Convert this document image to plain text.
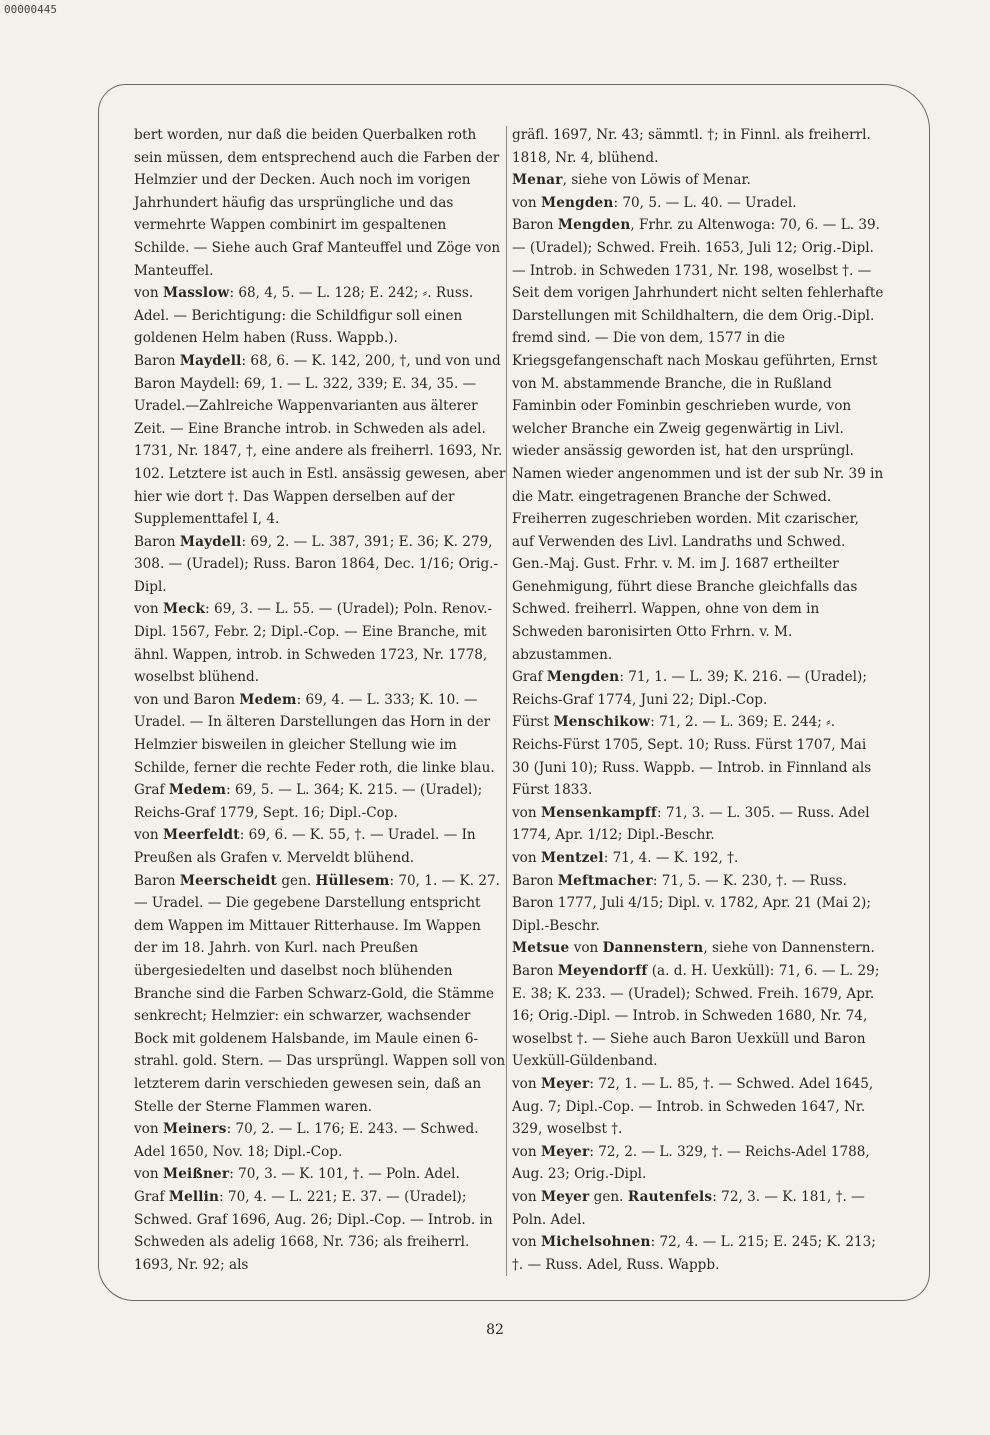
00000445

bert worden, nur daß die beiden Querbalken roth sein müssen, dem entsprechend auch die Farben der Helmzier und der Decken. Auch noch im vorigen Jahrhundert häufig das ursprüngliche und das vermehrte Wappen combinirt im gespaltenen Schilde. — Siehe auch Graf Manteuffel und Zöge von Manteuffel.

von Masslow: 68, 4, 5. — L. 128; E. 242; ⸗. Russ. Adel. — Berichtigung: die Schildfigur soll einen goldenen Helm haben (Russ. Wappb.).

Baron Maydell: 68, 6. — K. 142, 200, †, und von und Baron Maydell: 69, 1. — L. 322, 339; E. 34, 35. — Uradel.—Zahlreiche Wappenvarianten aus älterer Zeit. — Eine Branche introb. in Schweden als adel. 1731, Nr. 1847, †, eine andere als freiherrl. 1693, Nr. 102. Letztere ist auch in Estl. ansässig gewesen, aber hier wie dort †. Das Wappen derselben auf der Supplementtafel I, 4.

Baron Maydell: 69, 2. — L. 387, 391; E. 36; K. 279, 308. — (Uradel); Russ. Baron 1864, Dec. 1/16; Orig.-Dipl.

von Meck: 69, 3. — L. 55. — (Uradel); Poln. Renov.-Dipl. 1567, Febr. 2; Dipl.-Cop. — Eine Branche, mit ähnl. Wappen, introb. in Schweden 1723, Nr. 1778, woselbst blühend.

von und Baron Medem: 69, 4. — L. 333; K. 10. — Uradel. — In älteren Darstellungen das Horn in der Helmzier bisweilen in gleicher Stellung wie im Schilde, ferner die rechte Feder roth, die linke blau.

Graf Medem: 69, 5. — L. 364; K. 215. — (Uradel); Reichs-Graf 1779, Sept. 16; Dipl.-Cop.

von Meerfeldt: 69, 6. — K. 55, †. — Uradel. — In Preußen als Grafen v. Merveldt blühend.

Baron Meerscheidt gen. Hüllesem: 70, 1. — K. 27. — Uradel. — Die gegebene Darstellung entspricht dem Wappen im Mittauer Ritterhause. Im Wappen der im 18. Jahrh. von Kurl. nach Preußen übergesiedelten und daselbst noch blühenden Branche sind die Farben Schwarz-Gold, die Stämme senkrecht; Helmzier: ein schwarzer, wachsender Bock mit goldenem Halsbande, im Maule einen 6-strahl. gold. Stern. — Das ursprüngl. Wappen soll von letzterem darin verschieden gewesen sein, daß an Stelle der Sterne Flammen waren.

von Meiners: 70, 2. — L. 176; E. 243. — Schwed. Adel 1650, Nov. 18; Dipl.-Cop.

von Meißner: 70, 3. — K. 101, †. — Poln. Adel.

Graf Mellin: 70, 4. — L. 221; E. 37. — (Uradel); Schwed. Graf 1696, Aug. 26; Dipl.-Cop. — Introb. in Schweden als adelig 1668, Nr. 736; als freiherrl. 1693, Nr. 92; als

gräfl. 1697, Nr. 43; sämmtl. †; in Finnl. als freiherrl. 1818, Nr. 4, blühend.

Menar, siehe von Löwis of Menar.

von Mengden: 70, 5. — L. 40. — Uradel.

Baron Mengden, Frhr. zu Altenwoga: 70, 6. — L. 39. — (Uradel); Schwed. Freih. 1653, Juli 12; Orig.-Dipl. — Introb. in Schweden 1731, Nr. 198, woselbst †. — Seit dem vorigen Jahrhundert nicht selten fehlerhafte Darstellungen mit Schildhaltern, die dem Orig.-Dipl. fremd sind. — Die von dem, 1577 in die Kriegsgefangenschaft nach Moskau geführten, Ernst von M. abstammende Branche, die in Rußland Faminbin oder Fominbin geschrieben wurde, von welcher Branche ein Zweig gegenwärtig in Livl. wieder ansässig geworden ist, hat den ursprüngl. Namen wieder angenommen und ist der sub Nr. 39 in die Matr. eingetragenen Branche der Schwed. Freiherren zugeschrieben worden. Mit czarischer, auf Verwenden des Livl. Landraths und Schwed. Gen.-Maj. Gust. Frhr. v. M. im J. 1687 ertheilter Genehmigung, führt diese Branche gleichfalls das Schwed. freiherrl. Wappen, ohne von dem in Schweden baronisirten Otto Frhrn. v. M. abzustammen.

Graf Mengden: 71, 1. — L. 39; K. 216. — (Uradel); Reichs-Graf 1774, Juni 22; Dipl.-Cop.

Fürst Menschikow: 71, 2. — L. 369; E. 244; ⸗. Reichs-Fürst 1705, Sept. 10; Russ. Fürst 1707, Mai 30 (Juni 10); Russ. Wappb. — Introb. in Finnland als Fürst 1833.

von Mensenkampff: 71, 3. — L. 305. — Russ. Adel 1774, Apr. 1/12; Dipl.-Beschr.

von Mentzel: 71, 4. — K. 192, †.

Baron Meftmacher: 71, 5. — K. 230, †. — Russ. Baron 1777, Juli 4/15; Dipl. v. 1782, Apr. 21 (Mai 2); Dipl.-Beschr.

Metsue von Dannenstern, siehe von Dannenstern.

Baron Meyendorff (a. d. H. Uexküll): 71, 6. — L. 29; E. 38; K. 233. — (Uradel); Schwed. Freih. 1679, Apr. 16; Orig.-Dipl. — Introb. in Schweden 1680, Nr. 74, woselbst †. — Siehe auch Baron Uexküll und Baron Uexküll-Güldenband.

von Meyer: 72, 1. — L. 85, †. — Schwed. Adel 1645, Aug. 7; Dipl.-Cop. — Introb. in Schweden 1647, Nr. 329, woselbst †.

von Meyer: 72, 2. — L. 329, †. — Reichs-Adel 1788, Aug. 23; Orig.-Dipl.

von Meyer gen. Rautenfels: 72, 3. — K. 181, †. — Poln. Adel.

von Michelsohnen: 72, 4. — L. 215; E. 245; K. 213; †. — Russ. Adel, Russ. Wappb.

82
